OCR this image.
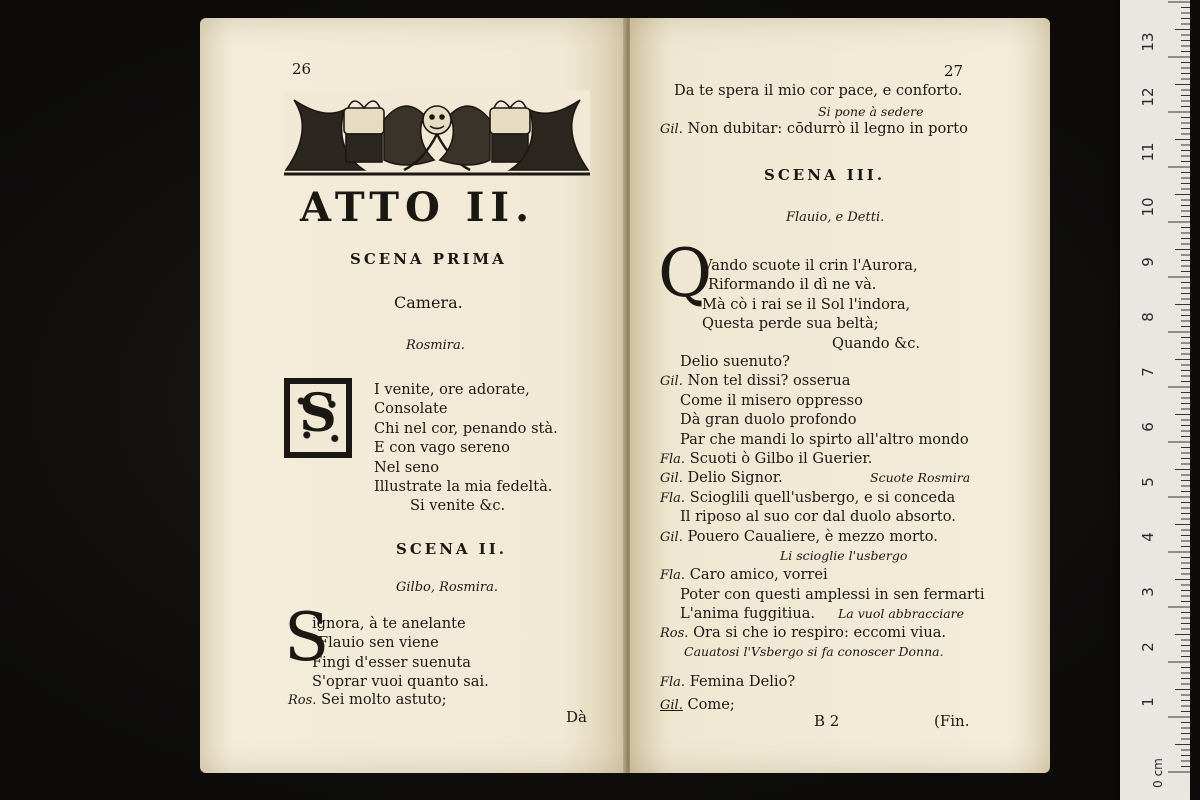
26
ATTO II.
SCENA PRIMA
Camera.
Rosmira.
S	I venite, ore adorate,
Consolate
Chi nel cor, penando stà.
E con vago sereno
Nel seno
Illustrate la mia fedeltà.
Si venite &c.
SCENA II.
Gilbo, Rosmira.
S
ignora, à te anelante
Flauio sen viene
Fingi d'esser suenuta
S'oprar vuoi quanto sai.
Ros. Sei molto astuto;
Dà
27
Da te spera il mio cor pace, e conforto.
Si pone à sedere
Gil. Non dubitar: cōdurrò il legno in porto
SCENA III.
Flauio, e Detti.
Q
Vando scuote il crin l'Aurora,
Riformando il dì ne và.
Mà cò i rai se il Sol l'indora,
Questa perde sua beltà;
Quando &c.
Delio suenuto?
Gil. Non tel dissi? osserua
Come il misero oppresso
Dà gran duolo profondo
Par che mandi lo spirto all'altro mondo
Fla. Scuoti ò Gilbo il Guerier.
Gil. Delio Signor.	Scuote Rosmira
Fla. Scioglili quell'usbergo, e si conceda
Il riposo al suo cor dal duolo absorto.
Gil. Pouero Caualiere, è mezzo morto.
Li scioglie l'usbergo
Fla. Caro amico, vorrei
Poter con questi amplessi in sen fermarti
L'anima fuggitiua. La vuol abbracciare
Ros. Ora si che io respiro: eccomi viua.
Cauatosi l'Vsbergo si fa conoscer Donna.
Fla. Femina Delio?
Gil. Come;
B 2	(Fin.
1
2
3
4
5
6
7
8
9
10
11
12
13
0 cm
